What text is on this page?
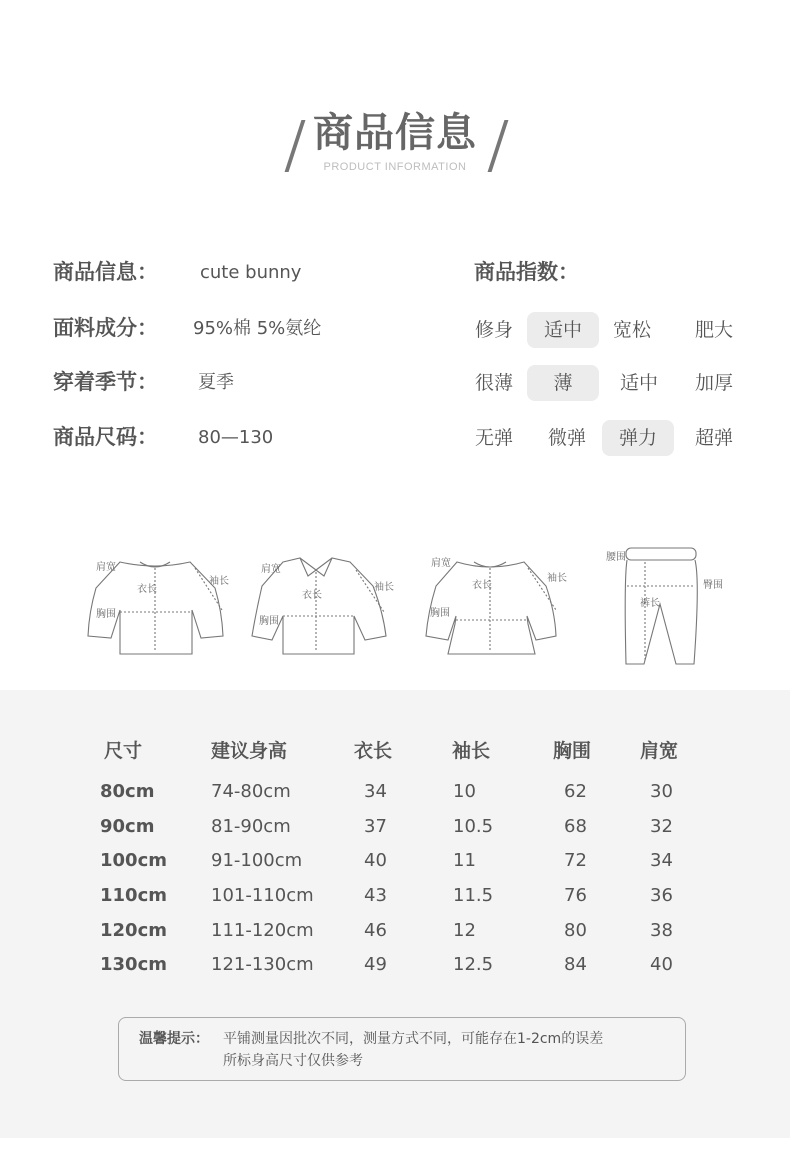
商品信息
PRODUCT INFORMATION
商品信息： cute bunny
面料成分： 95%棉 5%氨纶
穿着季节： 夏季
商品尺码： 80—130
商品指数：
修身	适中	宽松	肥大
很薄	薄	适中	加厚
无弹	微弹	弹力	超弹
肩宽
衣长
袖长
胸围
肩宽
衣长
袖长
胸围
肩宽
衣长
袖长
胸围
腰围
臀围
裤长
尺寸	建议身高	衣长	袖长	胸围	肩宽
80cm	74-80cm	34	10	62	30
90cm	81-90cm	37	10.5	68	32
100cm 91-100cm	40	11	72	34
110cm 101-110cm	43	11.5	76	36
120cm 111-120cm	46	12	80	38
130cm 121-130cm	49	12.5	84	40
温馨提示： 平铺测量因批次不同，测量方式不同，可能存在1-2cm的误差
所标身高尺寸仅供参考
